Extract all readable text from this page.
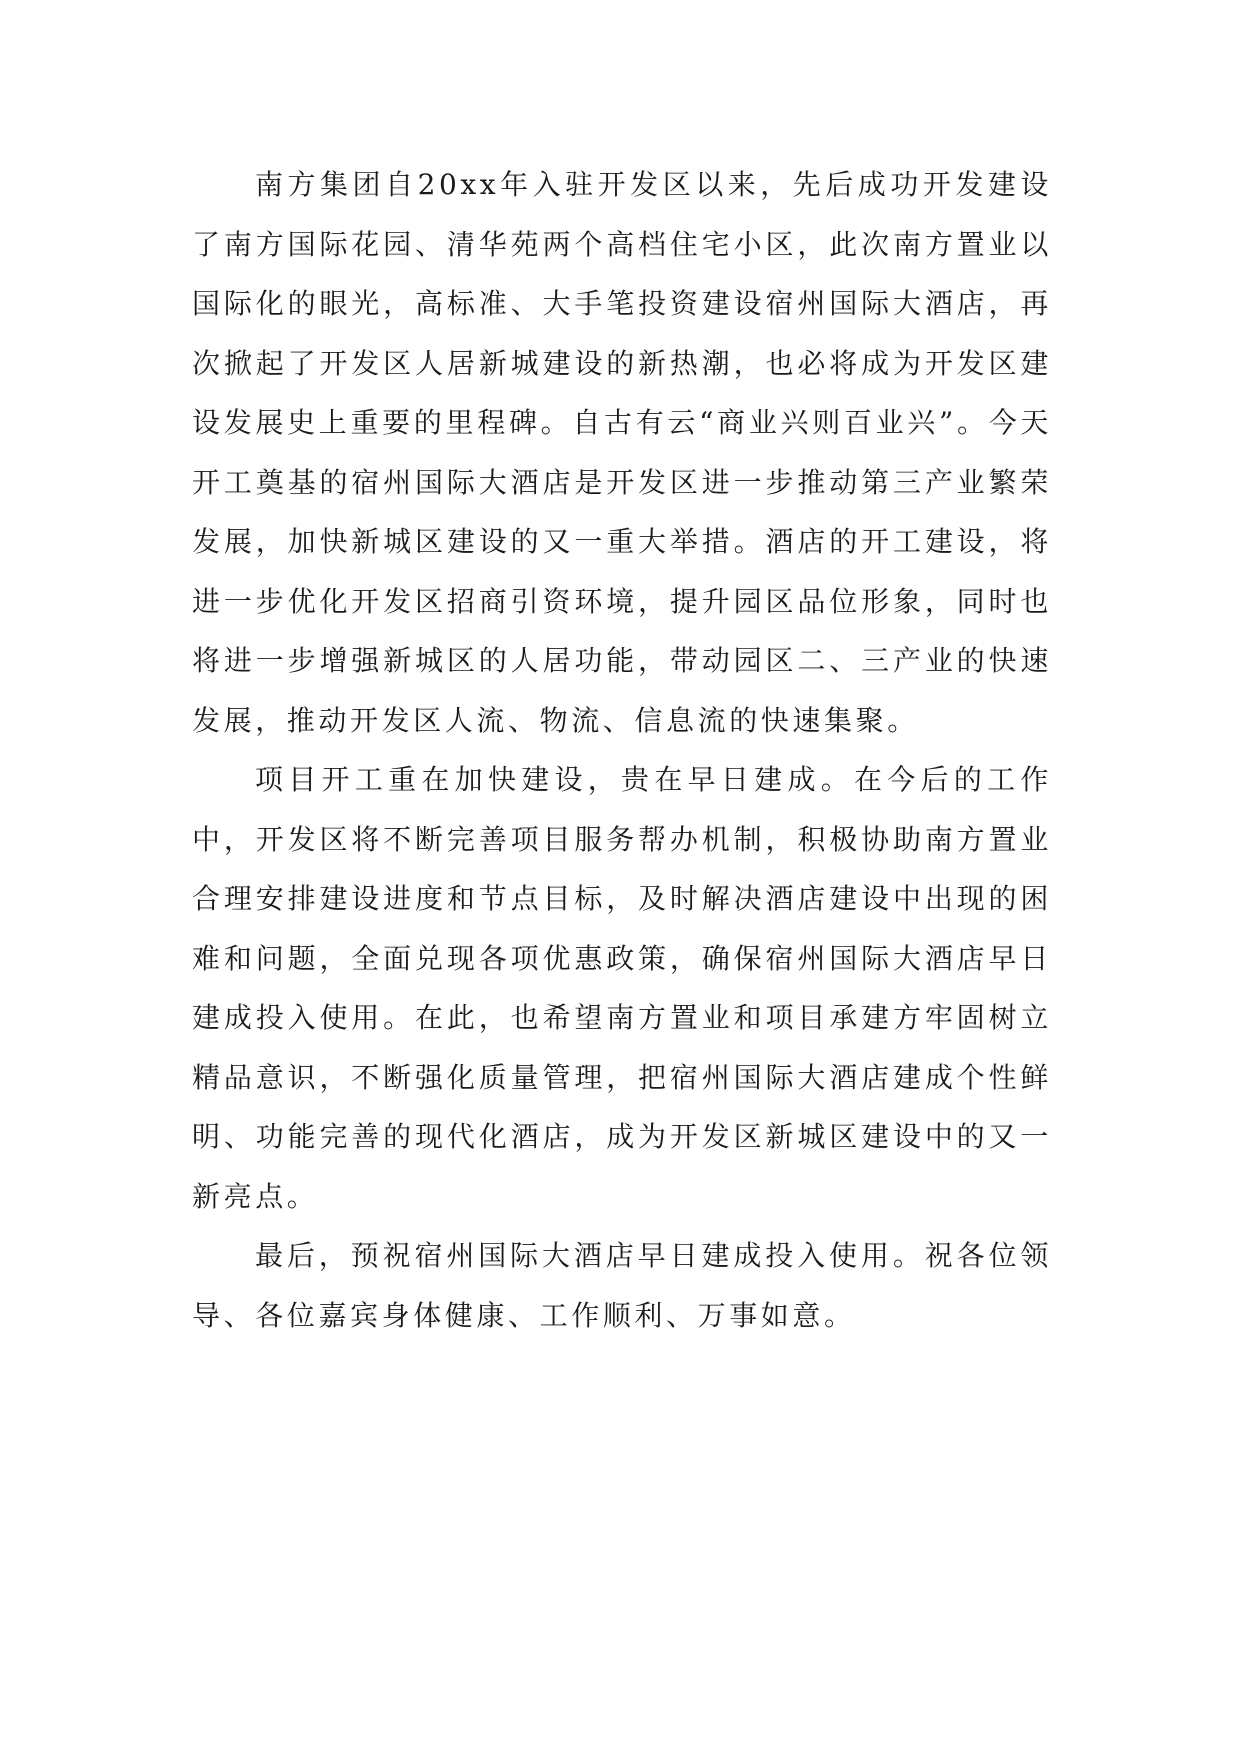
南方集团自20xx年入驻开发区以来，先后成功开发建设了南方国际花园、清华苑两个高档住宅小区，此次南方置业以国际化的眼光，高标准、大手笔投资建设宿州国际大酒店，再次掀起了开发区人居新城建设的新热潮，也必将成为开发区建设发展史上重要的里程碑。自古有云“商业兴则百业兴”。今天开工奠基的宿州国际大酒店是开发区进一步推动第三产业繁荣发展，加快新城区建设的又一重大举措。酒店的开工建设，将进一步优化开发区招商引资环境，提升园区品位形象，同时也将进一步增强新城区的人居功能，带动园区二、三产业的快速发展，推动开发区人流、物流、信息流的快速集聚。

项目开工重在加快建设，贵在早日建成。在今后的工作中，开发区将不断完善项目服务帮办机制，积极协助南方置业合理安排建设进度和节点目标，及时解决酒店建设中出现的困难和问题，全面兑现各项优惠政策，确保宿州国际大酒店早日建成投入使用。在此，也希望南方置业和项目承建方牢固树立精品意识，不断强化质量管理，把宿州国际大酒店建成个性鲜明、功能完善的现代化酒店，成为开发区新城区建设中的又一新亮点。

最后，预祝宿州国际大酒店早日建成投入使用。祝各位领导、各位嘉宾身体健康、工作顺利、万事如意。
